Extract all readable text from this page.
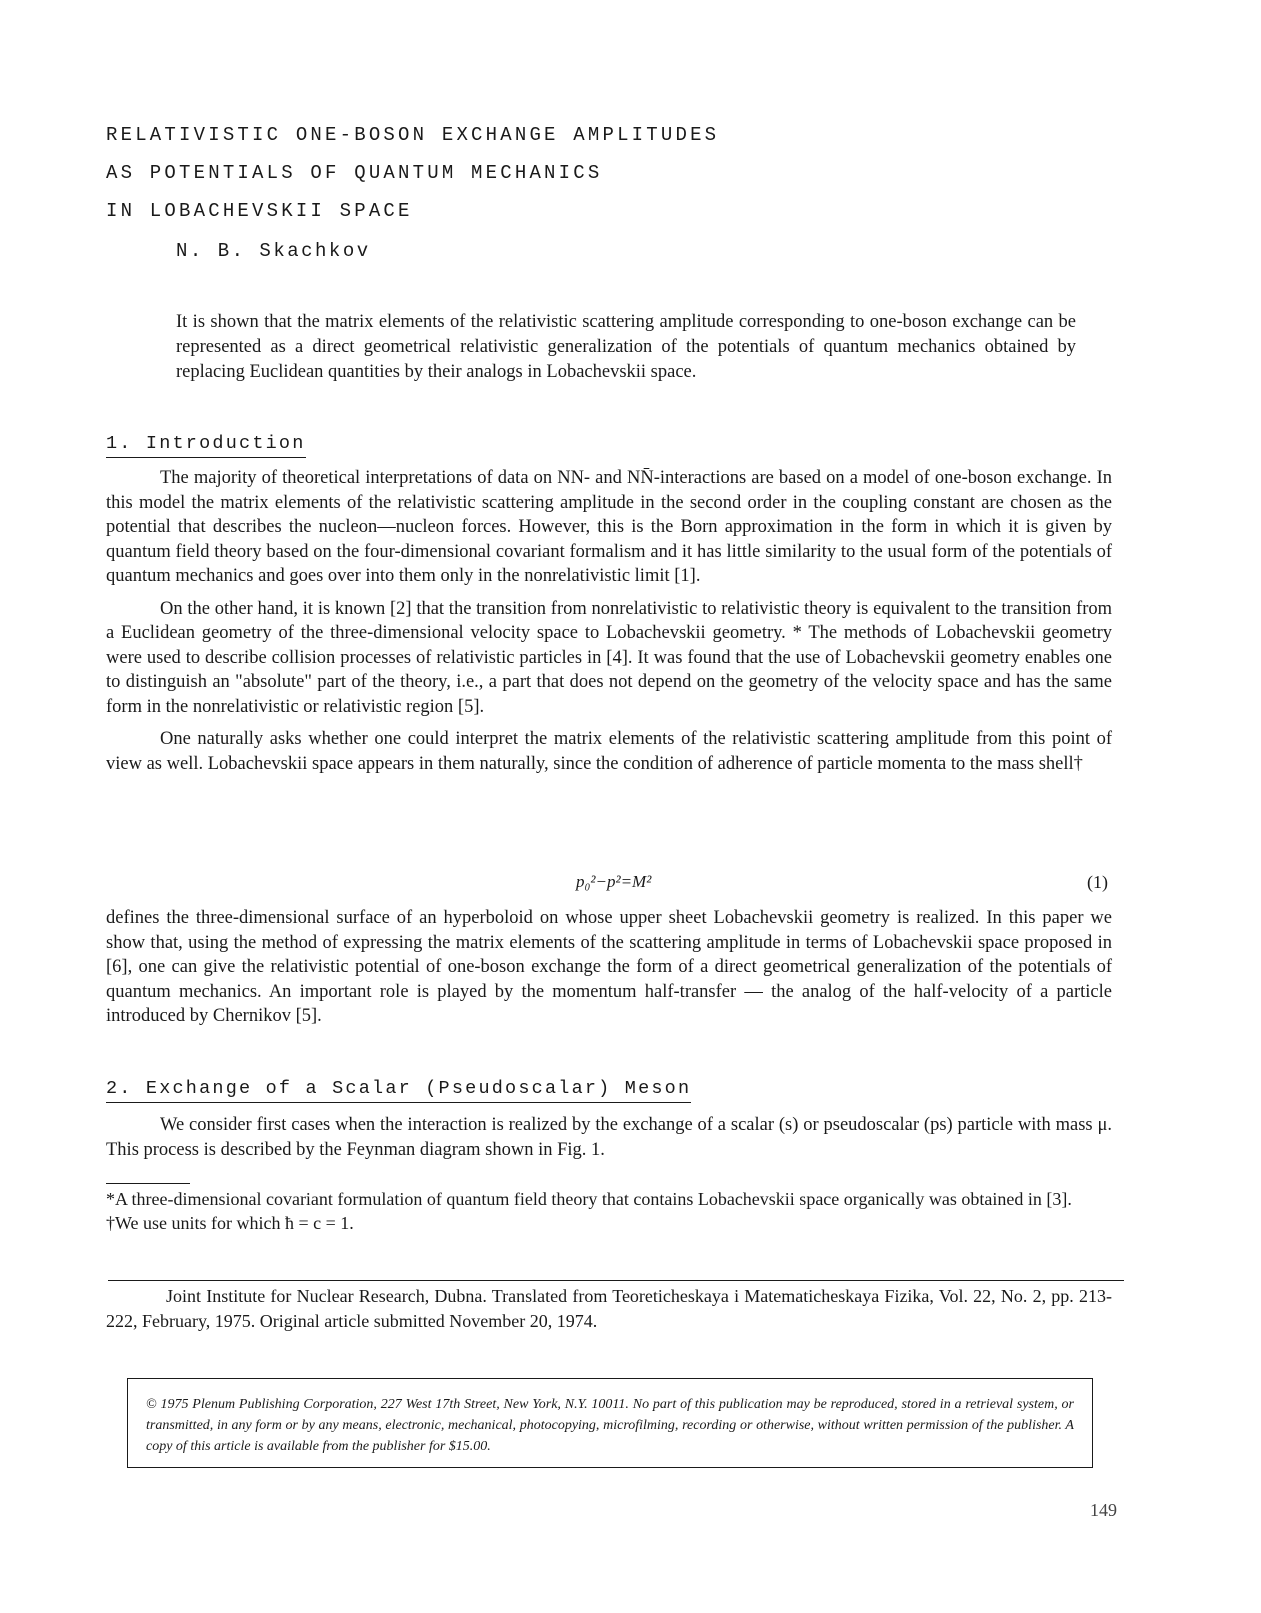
RELATIVISTIC ONE-BOSON EXCHANGE AMPLITUDES
AS POTENTIALS OF QUANTUM MECHANICS
IN LOBACHEVSKII SPACE
N. B. Skachkov
It is shown that the matrix elements of the relativistic scattering amplitude corresponding to one-boson exchange can be represented as a direct geometrical relativistic generalization of the potentials of quantum mechanics obtained by replacing Euclidean quantities by their analogs in Lobachevskii space.
1. Introduction

The majority of theoretical interpretations of data on NN- and NN̄-interactions are based on a model of one-boson exchange. In this model the matrix elements of the relativistic scattering amplitude in the second order in the coupling constant are chosen as the potential that describes the nucleon—nucleon forces. However, this is the Born approximation in the form in which it is given by quantum field theory based on the four-dimensional covariant formalism and it has little similarity to the usual form of the potentials of quantum mechanics and goes over into them only in the nonrelativistic limit [1].

On the other hand, it is known [2] that the transition from nonrelativistic to relativistic theory is equivalent to the transition from a Euclidean geometry of the three-dimensional velocity space to Lobachevskii geometry. * The methods of Lobachevskii geometry were used to describe collision processes of relativistic particles in [4]. It was found that the use of Lobachevskii geometry enables one to distinguish an "absolute" part of the theory, i.e., a part that does not depend on the geometry of the velocity space and has the same form in the nonrelativistic or relativistic region [5].

One naturally asks whether one could interpret the matrix elements of the relativistic scattering amplitude from this point of view as well. Lobachevskii space appears in them naturally, since the condition of adherence of particle momenta to the mass shell†

p₀²−p²=M²	(1)

defines the three-dimensional surface of an hyperboloid on whose upper sheet Lobachevskii geometry is realized. In this paper we show that, using the method of expressing the matrix elements of the scattering amplitude in terms of Lobachevskii space proposed in [6], one can give the relativistic potential of one-boson exchange the form of a direct geometrical generalization of the potentials of quantum mechanics. An important role is played by the momentum half-transfer — the analog of the half-velocity of a particle introduced by Chernikov [5].

2. Exchange of a Scalar (Pseudoscalar) Meson

We consider first cases when the interaction is realized by the exchange of a scalar (s) or pseudoscalar (ps) particle with mass μ. This process is described by the Feynman diagram shown in Fig. 1.

*A three-dimensional covariant formulation of quantum field theory that contains Lobachevskii space organically was obtained in [3].

†We use units for which ħ = c = 1.

Joint Institute for Nuclear Research, Dubna. Translated from Teoreticheskaya i Matematicheskaya Fizika, Vol. 22, No. 2, pp. 213-222, February, 1975. Original article submitted November 20, 1974.

© 1975 Plenum Publishing Corporation, 227 West 17th Street, New York, N.Y. 10011. No part of this publication may be reproduced, stored in a retrieval system, or transmitted, in any form or by any means, electronic, mechanical, photocopying, microfilming, recording or otherwise, without written permission of the publisher. A copy of this article is available from the publisher for $15.00.
149
